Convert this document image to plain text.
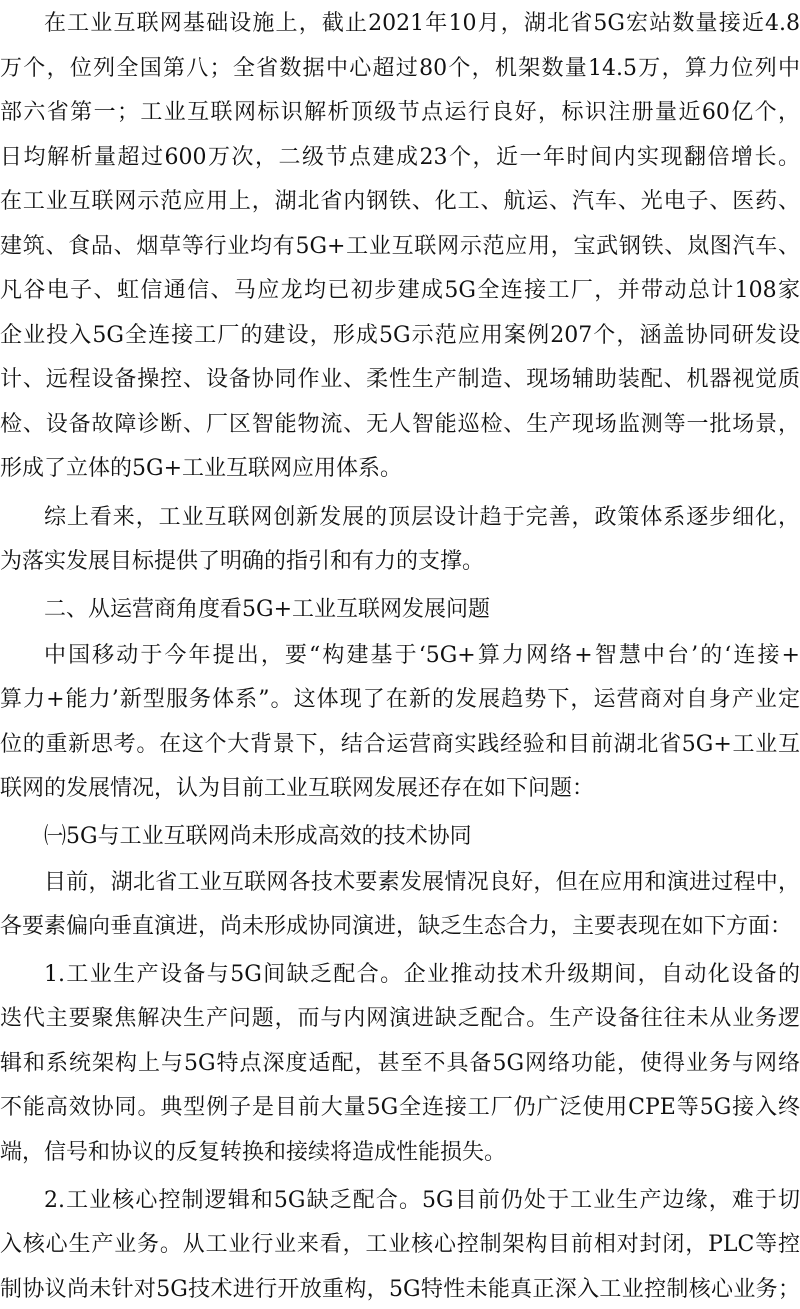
在工业互联网基础设施上，截止2021年10月，湖北省5G宏站数量接近4.8
万个，位列全国第八；全省数据中心超过80个，机架数量14.5万，算力位列中
部六省第一；工业互联网标识解析顶级节点运行良好，标识注册量近60亿个，
日均解析量超过600万次，二级节点建成23个，近一年时间内实现翻倍增长。
在工业互联网示范应用上，湖北省内钢铁、化工、航运、汽车、光电子、医药、
建筑、食品、烟草等行业均有5G+工业互联网示范应用，宝武钢铁、岚图汽车、
凡谷电子、虹信通信、马应龙均已初步建成5G全连接工厂，并带动总计108家
企业投入5G全连接工厂的建设，形成5G示范应用案例207个，涵盖协同研发设
计、远程设备操控、设备协同作业、柔性生产制造、现场辅助装配、机器视觉质
检、设备故障诊断、厂区智能物流、无人智能巡检、生产现场监测等一批场景，
形成了立体的5G+工业互联网应用体系。
综上看来，工业互联网创新发展的顶层设计趋于完善，政策体系逐步细化，
为落实发展目标提供了明确的指引和有力的支撑。
二、从运营商角度看5G+工业互联网发展问题
中国移动于今年提出，要“构建基于‘5G+算力网络+智慧中台’的‘连接+
算力+能力’新型服务体系”。这体现了在新的发展趋势下，运营商对自身产业定
位的重新思考。在这个大背景下，结合运营商实践经验和目前湖北省5G+工业互
联网的发展情况，认为目前工业互联网发展还存在如下问题：
㈠5G与工业互联网尚未形成高效的技术协同
目前，湖北省工业互联网各技术要素发展情况良好，但在应用和演进过程中，
各要素偏向垂直演进，尚未形成协同演进，缺乏生态合力，主要表现在如下方面：
1.工业生产设备与5G间缺乏配合。企业推动技术升级期间，自动化设备的
迭代主要聚焦解决生产问题，而与内网演进缺乏配合。生产设备往往未从业务逻
辑和系统架构上与5G特点深度适配，甚至不具备5G网络功能，使得业务与网络
不能高效协同。典型例子是目前大量5G全连接工厂仍广泛使用CPE等5G接入终
端，信号和协议的反复转换和接续将造成性能损失。
2.工业核心控制逻辑和5G缺乏配合。5G目前仍处于工业生产边缘，难于切
入核心生产业务。从工业行业来看，工业核心控制架构目前相对封闭，PLC等控
制协议尚未针对5G技术进行开放重构，5G特性未能真正深入工业控制核心业务；
